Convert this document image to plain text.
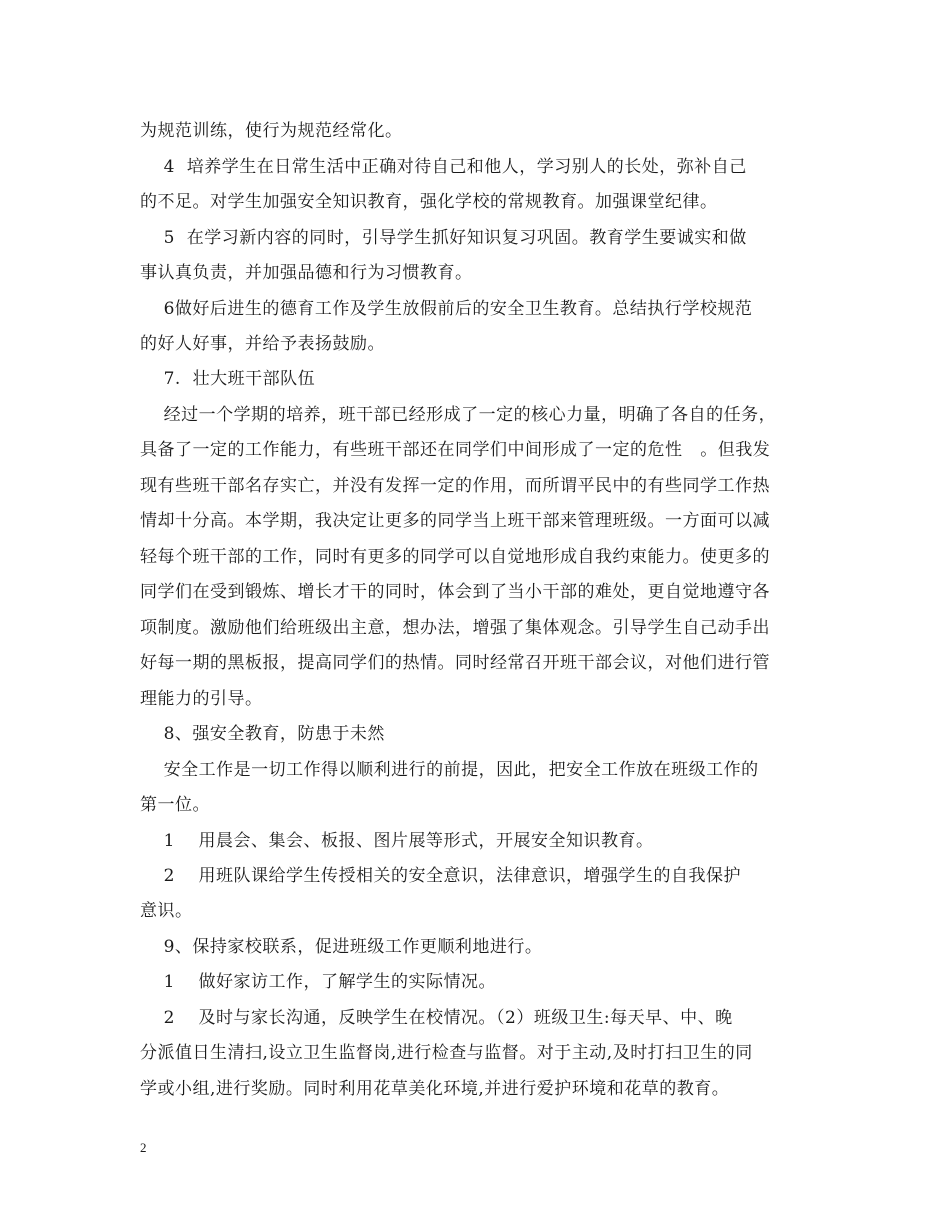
为规范训练，使行为规范经常化。
4  培养学生在日常生活中正确对待自己和他人，学习别人的长处，弥补自己
的不足。对学生加强安全知识教育，强化学校的常规教育。加强课堂纪律。
5  在学习新内容的同时，引导学生抓好知识复习巩固。教育学生要诚实和做
事认真负责，并加强品德和行为习惯教育。
6做好后进生的德育工作及学生放假前后的安全卫生教育。总结执行学校规范
的好人好事，并给予表扬鼓励。
7.  壮大班干部队伍
经过一个学期的培养，班干部已经形成了一定的核心力量，明确了各自的任务，
具备了一定的工作能力，有些班干部还在同学们中间形成了一定的危性   。但我发
现有些班干部名存实亡，并没有发挥一定的作用，而所谓平民中的有些同学工作热
情却十分高。本学期，我决定让更多的同学当上班干部来管理班级。一方面可以减
轻每个班干部的工作，同时有更多的同学可以自觉地形成自我约束能力。使更多的
同学们在受到锻炼、增长才干的同时，体会到了当小干部的难处，更自觉地遵守各
项制度。激励他们给班级出主意，想办法，增强了集体观念。引导学生自己动手出
好每一期的黑板报，提高同学们的热情。同时经常召开班干部会议，对他们进行管
理能力的引导。
8、强安全教育，防患于未然
安全工作是一切工作得以顺利进行的前提，因此，把安全工作放在班级工作的
第一位。
1    用晨会、集会、板报、图片展等形式，开展安全知识教育。
2    用班队课给学生传授相关的安全意识，法律意识，增强学生的自我保护
意识。
9、保持家校联系，促进班级工作更顺利地进行。
1    做好家访工作，了解学生的实际情况。
2    及时与家长沟通，反映学生在校情况。（2）班级卫生:每天早、中、晚
分派值日生清扫,设立卫生监督岗,进行检查与监督。对于主动,及时打扫卫生的同
学或小组,进行奖励。同时利用花草美化环境,并进行爱护环境和花草的教育。
2
